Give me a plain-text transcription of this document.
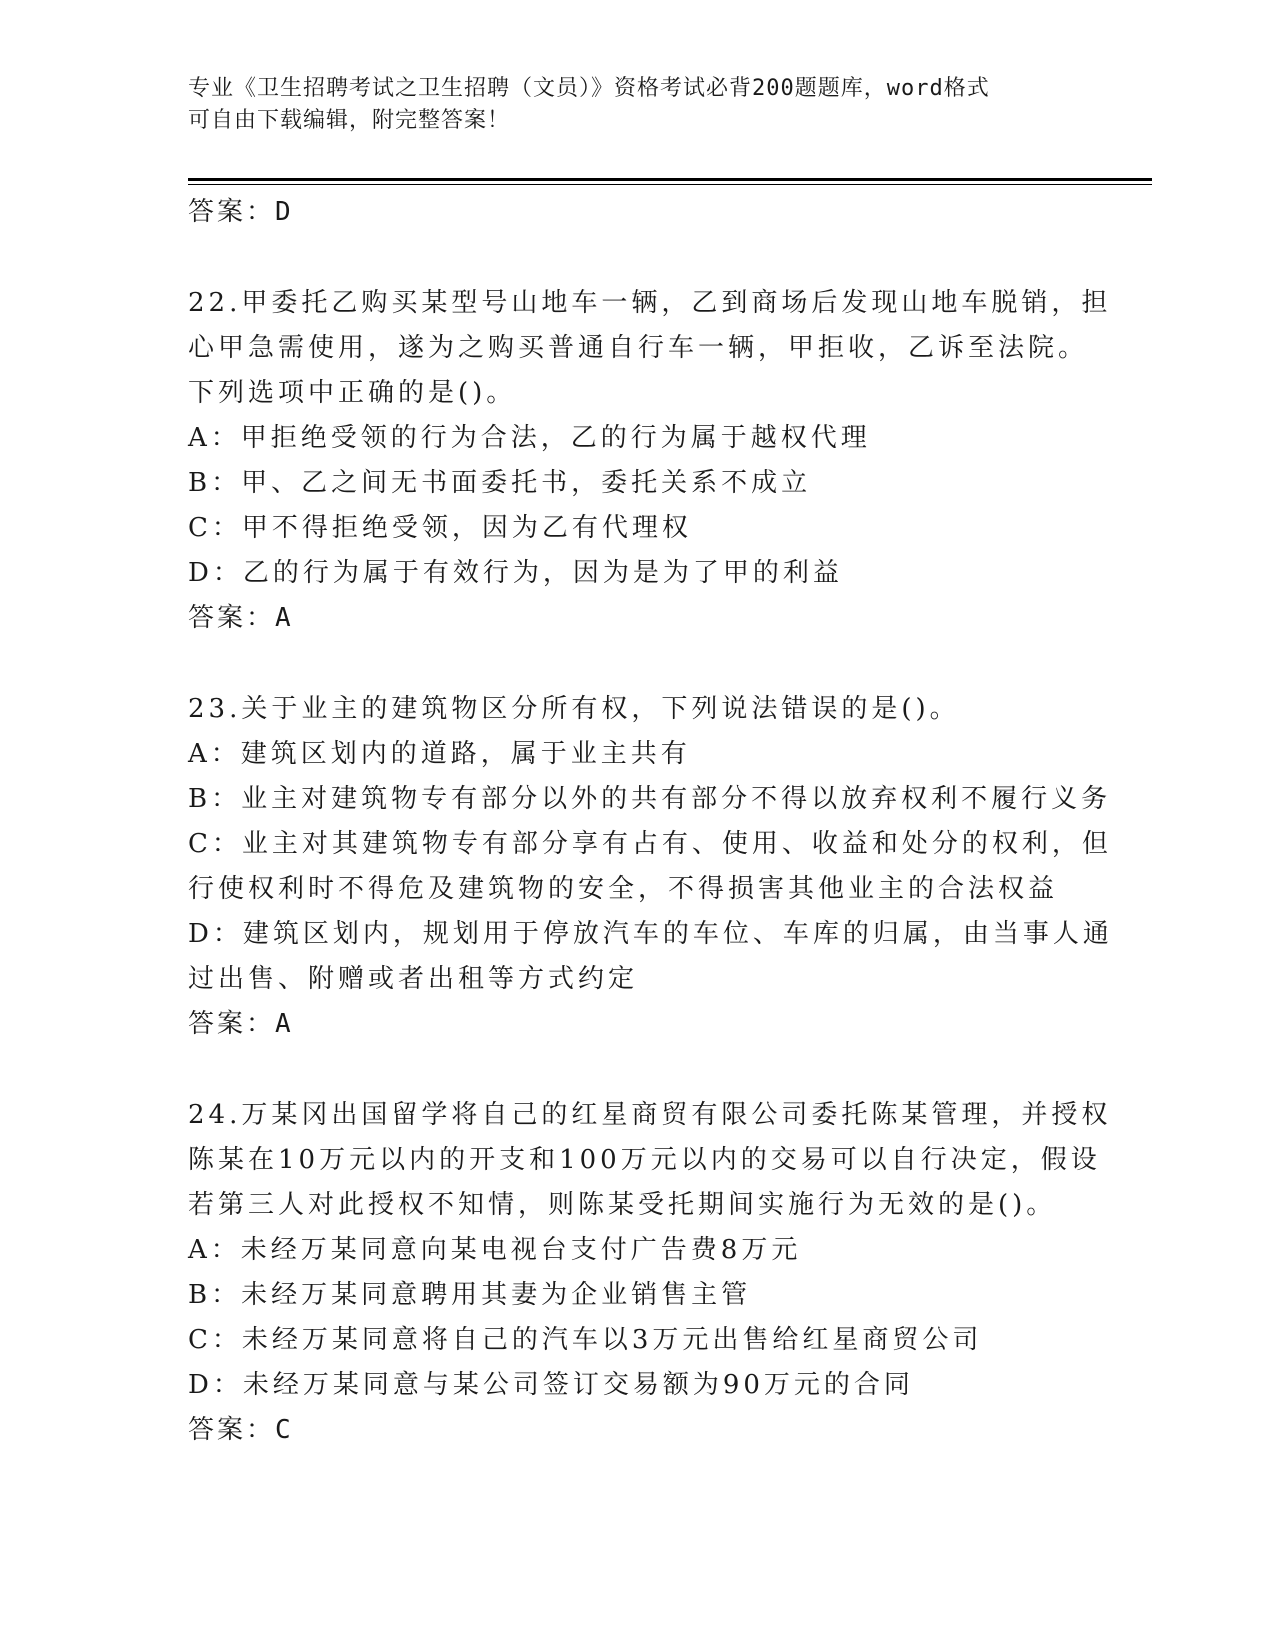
专业《卫生招聘考试之卫生招聘（文员）》资格考试必背200题题库，word格式
可自由下载编辑，附完整答案！
答案：D
22.甲委托乙购买某型号山地车一辆，乙到商场后发现山地车脱销，担
心甲急需使用，遂为之购买普通自行车一辆，甲拒收，乙诉至法院。
下列选项中正确的是()。
A：甲拒绝受领的行为合法，乙的行为属于越权代理
B：甲、乙之间无书面委托书，委托关系不成立
C：甲不得拒绝受领，因为乙有代理权
D：乙的行为属于有效行为，因为是为了甲的利益
答案：A
23.关于业主的建筑物区分所有权，下列说法错误的是()。
A：建筑区划内的道路，属于业主共有
B：业主对建筑物专有部分以外的共有部分不得以放弃权利不履行义务
C：业主对其建筑物专有部分享有占有、使用、收益和处分的权利，但
行使权利时不得危及建筑物的安全，不得损害其他业主的合法权益
D：建筑区划内，规划用于停放汽车的车位、车库的归属，由当事人通
过出售、附赠或者出租等方式约定
答案：A
24.万某冈出国留学将自己的红星商贸有限公司委托陈某管理，并授权
陈某在10万元以内的开支和100万元以内的交易可以自行决定，假设
若第三人对此授权不知情，则陈某受托期间实施行为无效的是()。
A：未经万某同意向某电视台支付广告费8万元
B：未经万某同意聘用其妻为企业销售主管
C：未经万某同意将自己的汽车以3万元出售给红星商贸公司
D：未经万某同意与某公司签订交易额为90万元的合同
答案：C
